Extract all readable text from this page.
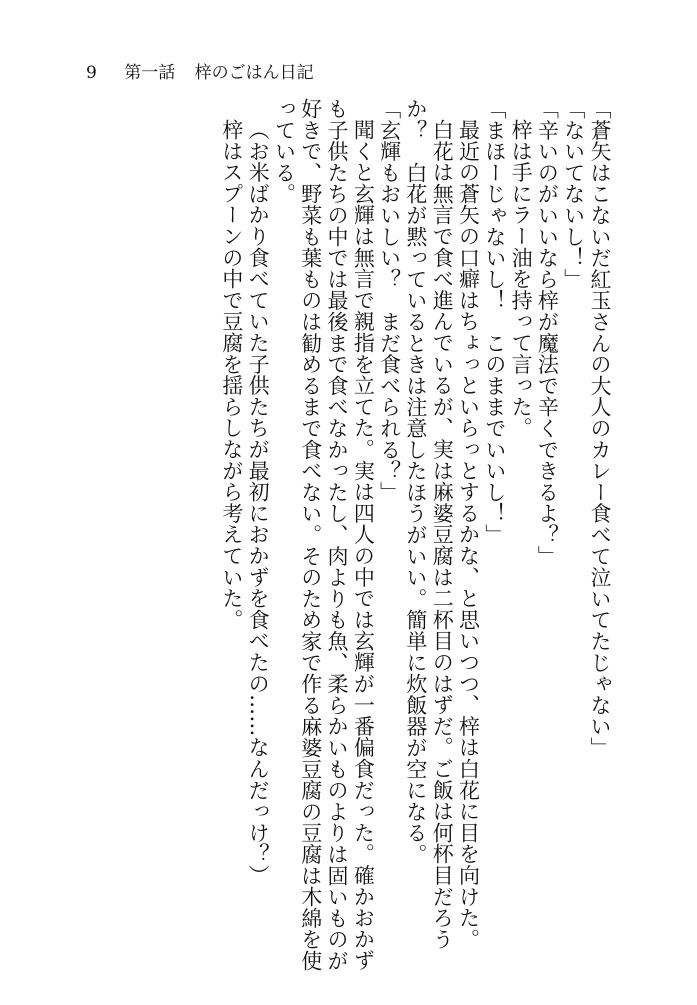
9 第一話 梓のごはん日記

「蒼矢はこないだ紅玉さんの大人のカレー食べて泣いてたじゃない」

「ないてないし！」

「辛いのがいいなら梓が魔法で辛くできるよ？」

梓は手にラー油を持って言った。

「まほーじゃないし！　このままでいいし！」

最近の蒼矢の口癖はちょっといらっとするかな、と思いつつ、梓は白花に目を向けた。

白花は無言で食べ進んでいるが、実は麻婆豆腐は二杯目のはずだ。ご飯は何杯目だろうか？　白花が黙っているときは注意したほうがいい。簡単に炊飯器が空になる。

「玄輝もおいしい？　まだ食べられる？」

聞くと玄輝は無言で親指を立てた。実は四人の中では玄輝が一番偏食だった。確かおかずも子供たちの中では最後まで食べなかったし、肉よりも魚、柔らかいものよりは固いものが好きで、野菜も葉ものは勧めるまで食べない。そのため家で作る麻婆豆腐の豆腐は木綿を使っている。

（お米ばかり食べていた子供たちが最初におかずを食べたの……なんだっけ？）

梓はスプーンの中で豆腐を揺らしながら考えていた。
